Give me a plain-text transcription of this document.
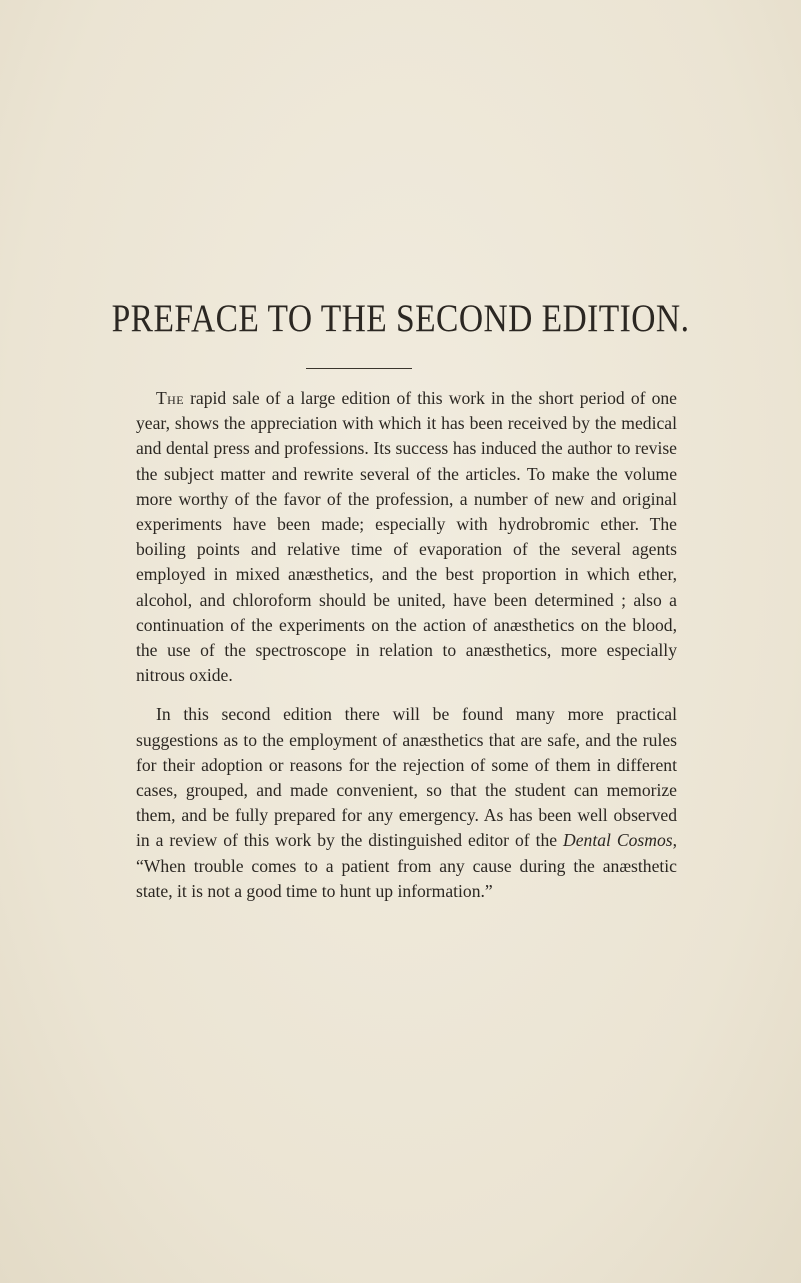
PREFACE TO THE SECOND EDITION.

The rapid sale of a large edition of this work in the short period of one year, shows the appreciation with which it has been received by the medical and dental press and professions. Its success has induced the author to revise the subject matter and rewrite several of the articles. To make the volume more worthy of the favor of the profession, a number of new and original experiments have been made; especially with hydrobromic ether. The boiling points and relative time of evaporation of the several agents employed in mixed anæsthetics, and the best proportion in which ether, alcohol, and chloroform should be united, have been determined ; also a continuation of the experiments on the action of anæsthetics on the blood, the use of the spectroscope in relation to anæsthetics, more especially nitrous oxide.

In this second edition there will be found many more practical suggestions as to the employment of anæsthetics that are safe, and the rules for their adoption or reasons for the rejection of some of them in different cases, grouped, and made convenient, so that the student can memorize them, and be fully prepared for any emergency. As has been well observed in a review of this work by the distinguished editor of the Dental Cosmos, “When trouble comes to a patient from any cause during the anæsthetic state, it is not a good time to hunt up information.”
